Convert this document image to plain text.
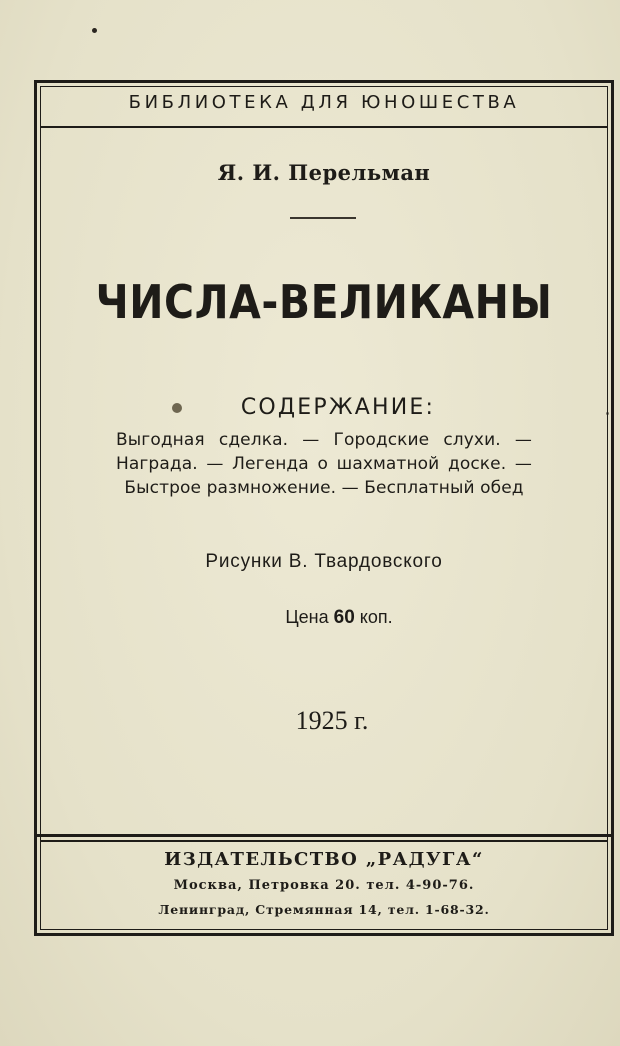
БИБЛИОТЕКА ДЛЯ ЮНОШЕСТВА
Я. И. Перельман
ЧИСЛА-ВЕЛИКАНЫ
СОДЕРЖАНИЕ:
Выгодная сделка. — Городские слухи. — Награда. — Легенда о шахматной доске. — Быстрое размножение. — Бесплатный обед
Рисунки В. Твардовского
Цена 60 коп.
1925 г.
ИЗДАТЕЛЬСТВО „РАДУГА“
Москва, Петровка 20. тел. 4-90-76.
Ленинград, Стремянная 14, тел. 1-68-32.
